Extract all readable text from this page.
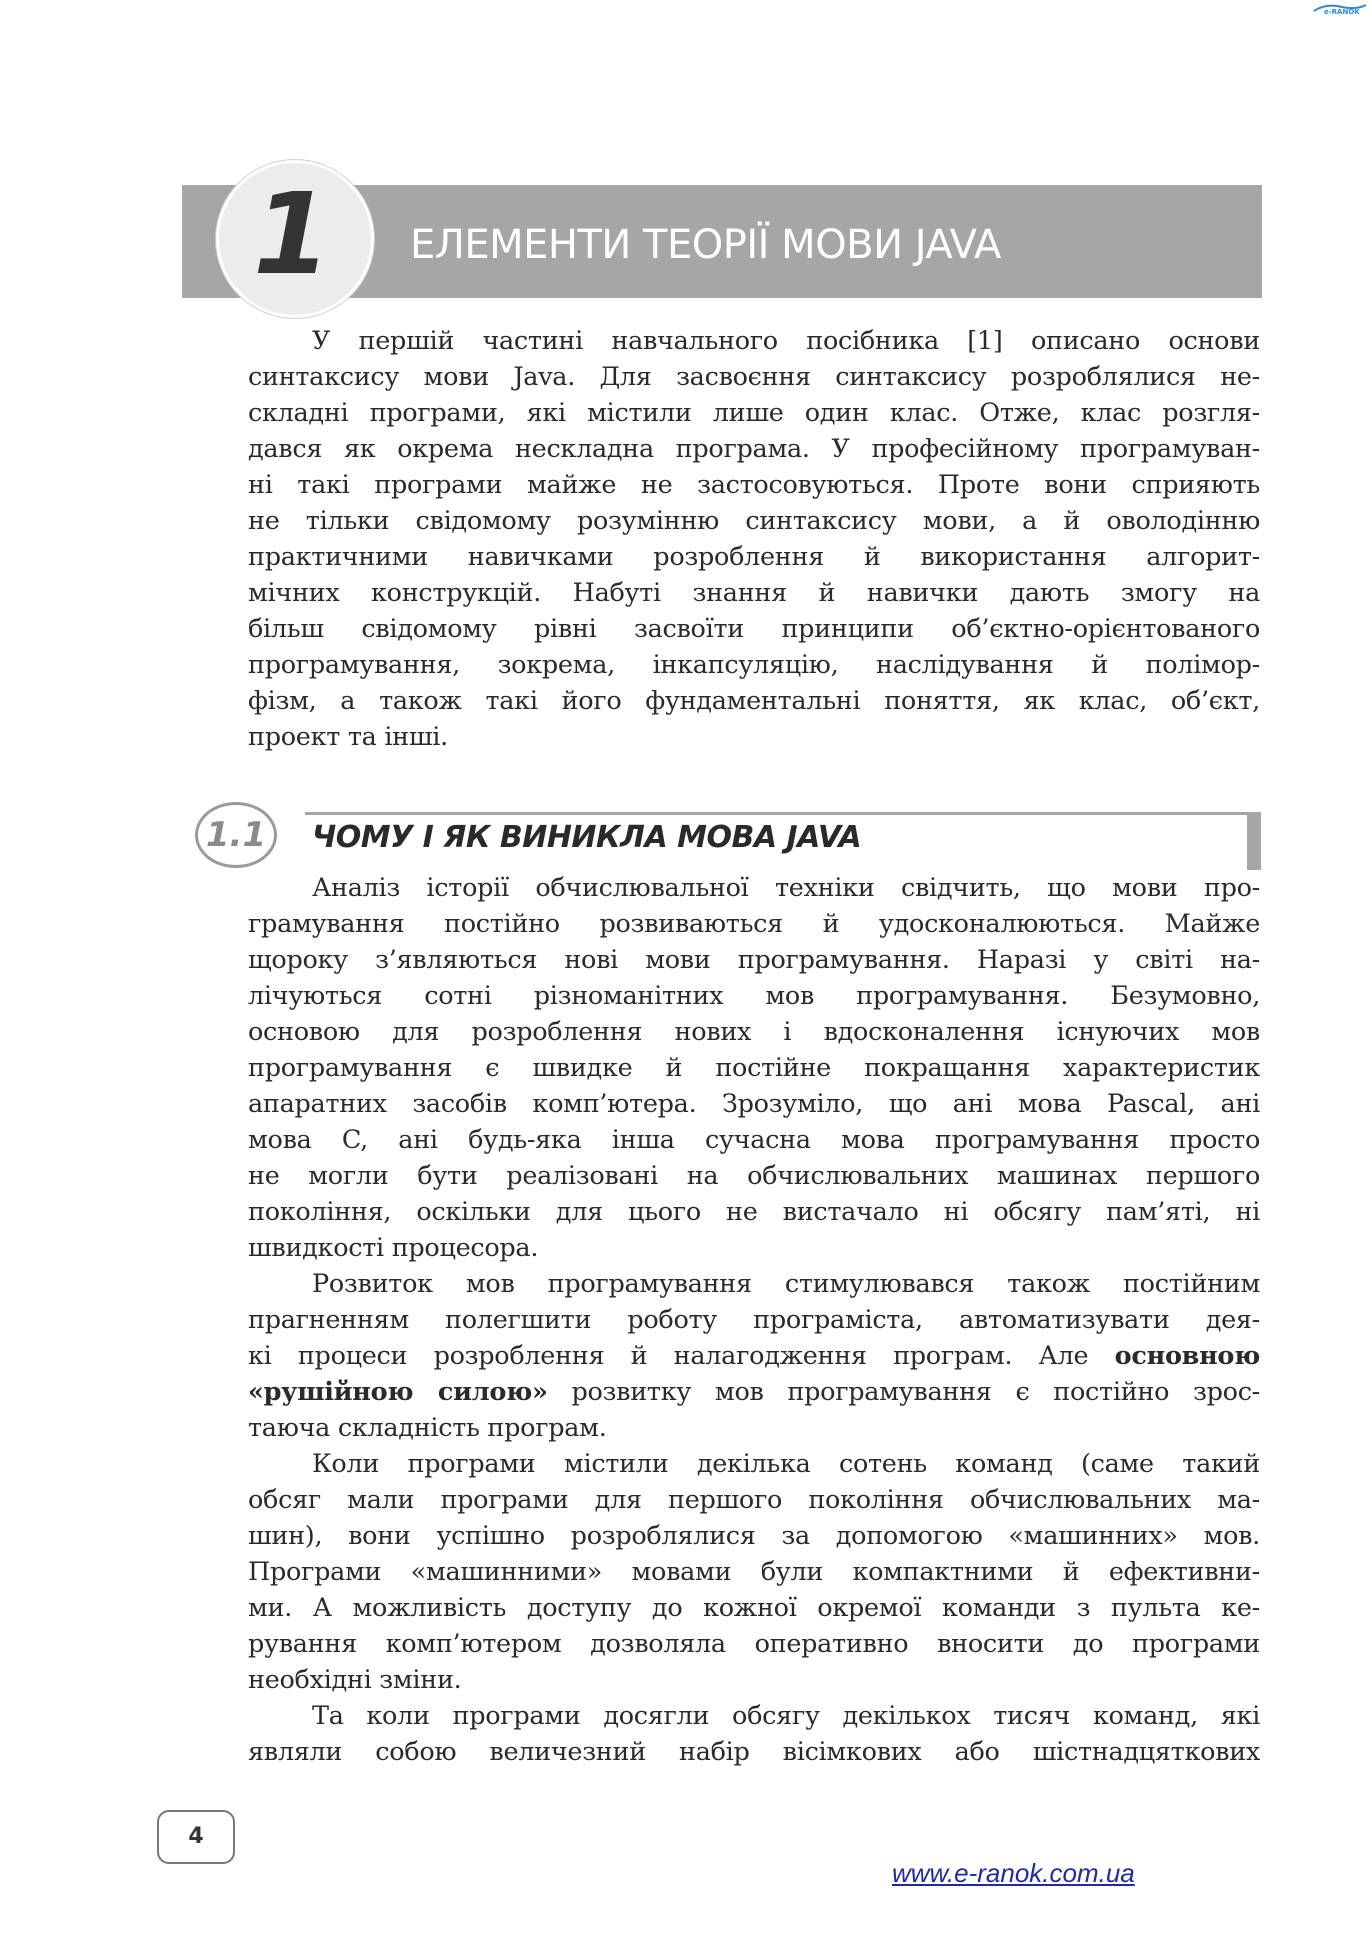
e-RANOK
1	ЕЛЕМЕНТИ ТЕОРІЇ МОВИ JAVA
У першій частині навчального посібника [1] описано основи
синтаксису мови Java. Для засвоєння синтаксису розроблялися не-
складні програми, які містили лише один клас. Отже, клас розгля-
дався як окрема нескладна програма. У професійному програмуван-
ні такі програми майже не застосовуються. Проте вони сприяють
не тільки свідомому розумінню синтаксису мови, а й оволодінню
практичними навичками розроблення й використання алгорит-
мічних конструкцій. Набуті знання й навички дають змогу на
більш свідомому рівні засвоїти принципи об’єктно-орієнтованого
програмування, зокрема, інкапсуляцію, наслідування й полімор-
фізм, а також такі його фундаментальні поняття, як клас, об’єкт,
проект та інші.
1.1	ЧОМУ І ЯК ВИНИКЛА МОВА JAVA
Аналіз історії обчислювальної техніки свідчить, що мови про-
грамування постійно розвиваються й удосконалюються. Майже
щороку з’являються нові мови програмування. Наразі у світі на-
лічуються сотні різноманітних мов програмування. Безумовно,
основою для розроблення нових і вдосконалення існуючих мов
програмування є швидке й постійне покращання характеристик
апаратних засобів комп’ютера. Зрозуміло, що ані мова Pascal, ані
мова C, ані будь-яка інша сучасна мова програмування просто
не могли бути реалізовані на обчислювальних машинах першого
покоління, оскільки для цього не вистачало ні обсягу пам’яті, ні
швидкості процесора.
Розвиток мов програмування стимулювався також постійним
прагненням полегшити роботу програміста, автоматизувати дея-
кі процеси розроблення й налагодження програм. Але основною
«рушійною силою» розвитку мов програмування є постійно зрос-
таюча складність програм.
Коли програми містили декілька сотень команд (саме такий
обсяг мали програми для першого покоління обчислювальних ма-
шин), вони успішно розроблялися за допомогою «машинних» мов.
Програми «машинними» мовами були компактними й ефективни-
ми. А можливість доступу до кожної окремої команди з пульта ке-
рування комп’ютером дозволяла оперативно вносити до програми
необхідні зміни.
Та коли програми досягли обсягу декількох тисяч команд, які
являли собою величезний набір вісімкових або шістнадцяткових
4
www.e-ranok.com.ua
